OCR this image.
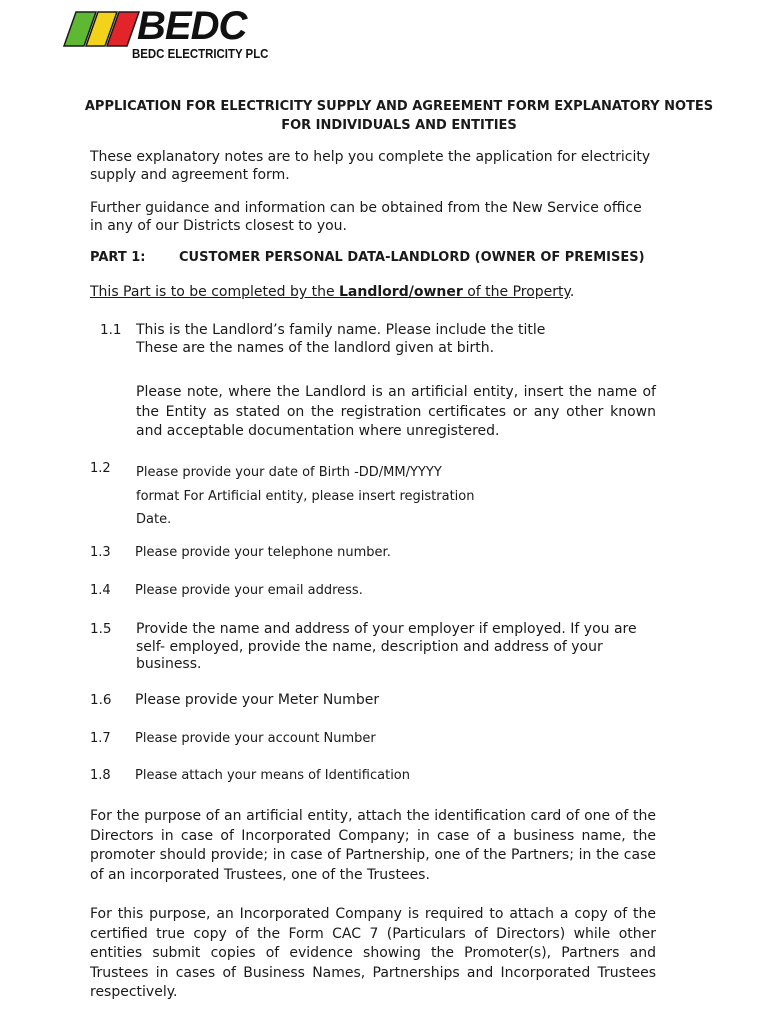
BEDC
BEDC ELECTRICITY PLC
APPLICATION FOR ELECTRICITY SUPPLY AND AGREEMENT FORM EXPLANATORY NOTES
FOR INDIVIDUALS AND ENTITIES
These explanatory notes are to help you complete the application for electricity supply and agreement form.
Further guidance and information can be obtained from the New Service office in any of our Districts closest to you.
PART 1:	CUSTOMER PERSONAL DATA-LANDLORD (OWNER OF PREMISES)
This Part is to be completed by the Landlord/owner of the Property.
1.1 This is the Landlord’s family name. Please include the title
These are the names of the landlord given at birth.
Please note, where the Landlord is an artificial entity, insert the name of the Entity as stated on the registration certificates or any other known and acceptable documentation where unregistered.
1.2 Please provide your date of Birth -DD/MM/YYYY
format For Artificial entity, please insert registration
Date.
1.3 Please provide your telephone number.
1.4 Please provide your email address.
1.5 Provide the name and address of your employer if employed. If you are self- employed, provide the name, description and address of your business.
1.6 Please provide your Meter Number
1.7 Please provide your account Number
1.8 Please attach your means of Identification
For the purpose of an artificial entity, attach the identification card of one of the Directors in case of Incorporated Company; in case of a business name, the promoter should provide; in case of Partnership, one of the Partners; in the case of an incorporated Trustees, one of the Trustees.
For this purpose, an Incorporated Company is required to attach a copy of the certified true copy of the Form CAC 7 (Particulars of Directors) while other entities submit copies of evidence showing the Promoter(s), Partners and Trustees in cases of Business Names, Partnerships and Incorporated Trustees respectively.
